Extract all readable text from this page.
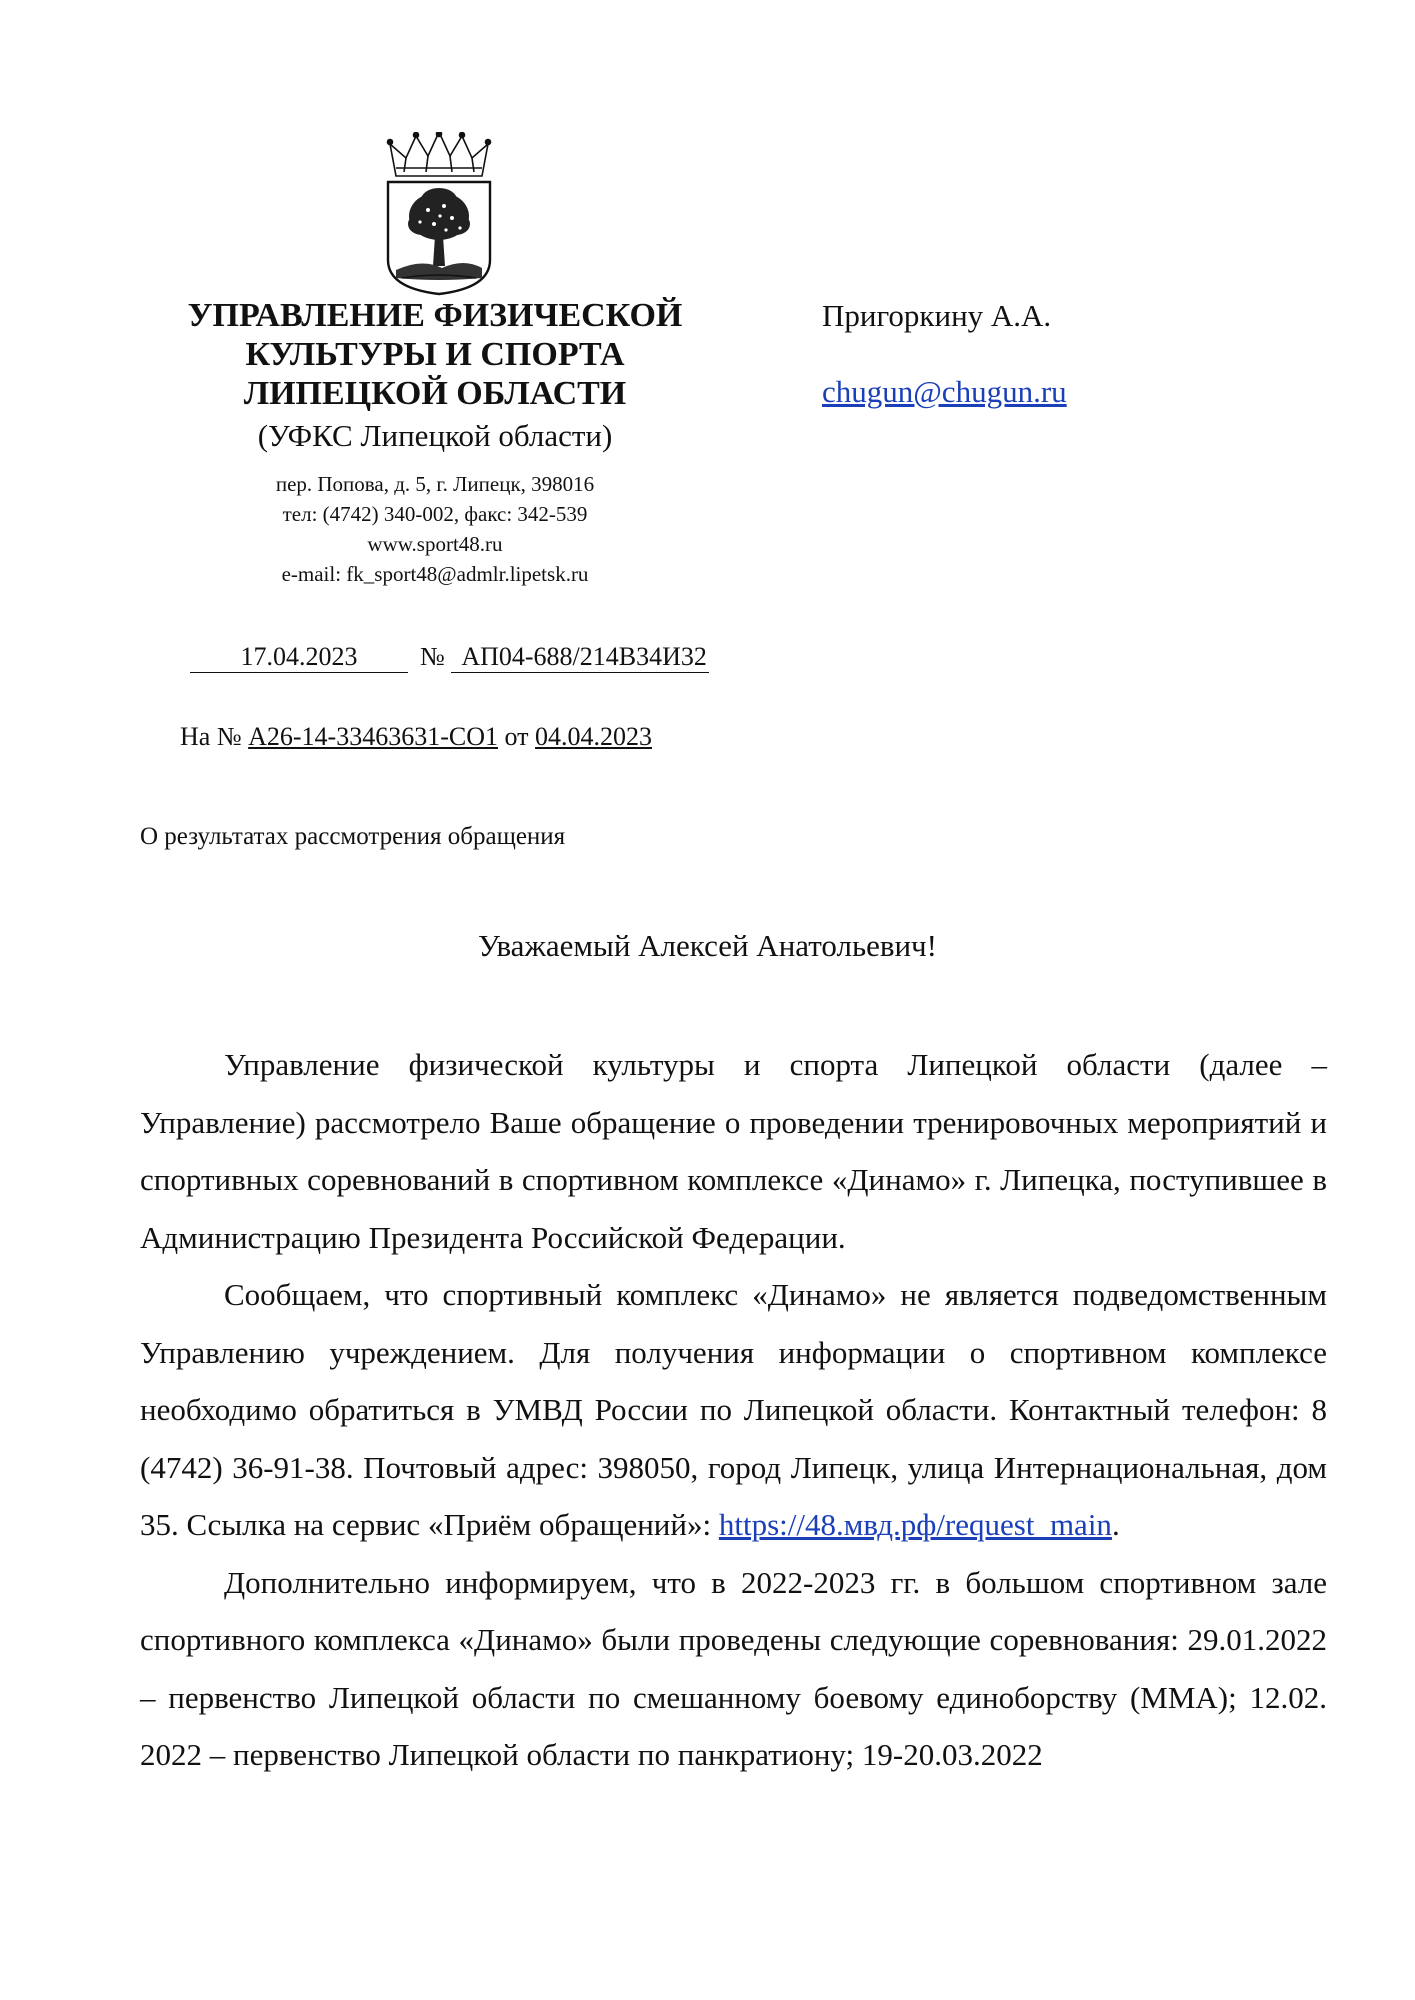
УПРАВЛЕНИЕ ФИЗИЧЕСКОЙ

КУЛЬТУРЫ И СПОРТА

ЛИПЕЦКОЙ ОБЛАСТИ

(УФКС Липецкой области)
пер. Попова, д. 5, г. Липецк, 398016
тел: (4742) 340-002, факс: 342-539
www.sport48.ru
e-mail: fk_sport48@admlr.lipetsk.ru
Пригоркину А.А.
chugun@chugun.ru
17.04.2023 № АП04-688/214В34И32
На № А26-14-33463631-СО1 от 04.04.2023
О результатах рассмотрения обращения
Уважаемый Алексей Анатольевич!

Управление физической культуры и спорта Липецкой области (далее – Управление) рассмотрело Ваше обращение о проведении тренировочных мероприятий и спортивных соревнований в спортивном комплексе «Динамо» г. Липецка, поступившее в Администрацию Президента Российской Федерации.

Сообщаем, что спортивный комплекс «Динамо» не является подведомственным Управлению учреждением. Для получения информации о спортивном комплексе необходимо обратиться в УМВД России по Липецкой области. Контактный телефон: 8 (4742) 36-91-38. Почтовый адрес: 398050, город Липецк, улица Интернациональная, дом 35. Ссылка на сервис «Приём обращений»: https://48.мвд.рф/request_main.

Дополнительно информируем, что в 2022-2023 гг. в большом спортивном зале спортивного комплекса «Динамо» были проведены следующие соревнования: 29.01.2022 – первенство Липецкой области по смешанному боевому единоборству (ММА); 12.02. 2022 – первенство Липецкой области по панкратиону; 19-20.03.2022
